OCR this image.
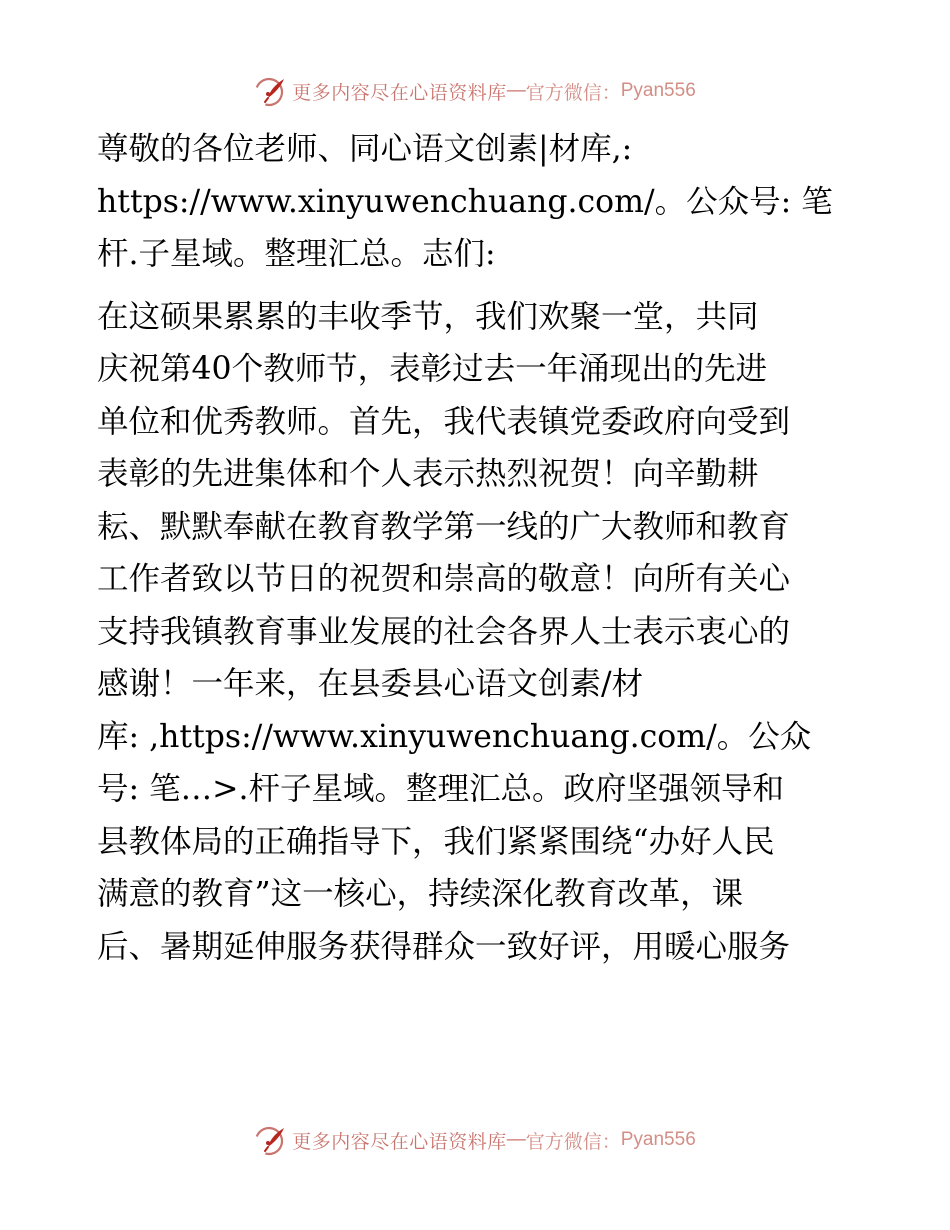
更多内容尽在心语资料库 — 官方微信： Pyan556

尊敬的各位老师、同心语文创素|材库,:
https://www.xinyuwenchuang.com/。公众号: 笔
杆.子星域。整理汇总。志们:

在这硕果累累的丰收季节，我们欢聚一堂，共同
庆祝第40个教师节，表彰过去一年涌现出的先进
单位和优秀教师。首先，我代表镇党委政府向受到
表彰的先进集体和个人表示热烈祝贺！向辛勤耕
耘、默默奉献在教育教学第一线的广大教师和教育
工作者致以节日的祝贺和崇高的敬意！向所有关心
支持我镇教育事业发展的社会各界人士表示衷心的
感谢！一年来，在县委县心语文创素/材
库: ,https://www.xinyuwenchuang.com/。公众
号: 笔…>.杆子星域。整理汇总。政府坚强领导和
县教体局的正确指导下，我们紧紧围绕“办好人民
满意的教育”这一核心，持续深化教育改革，课
后、暑期延伸服务获得群众一致好评，用暖心服务

更多内容尽在心语资料库 — 官方微信： Pyan556
